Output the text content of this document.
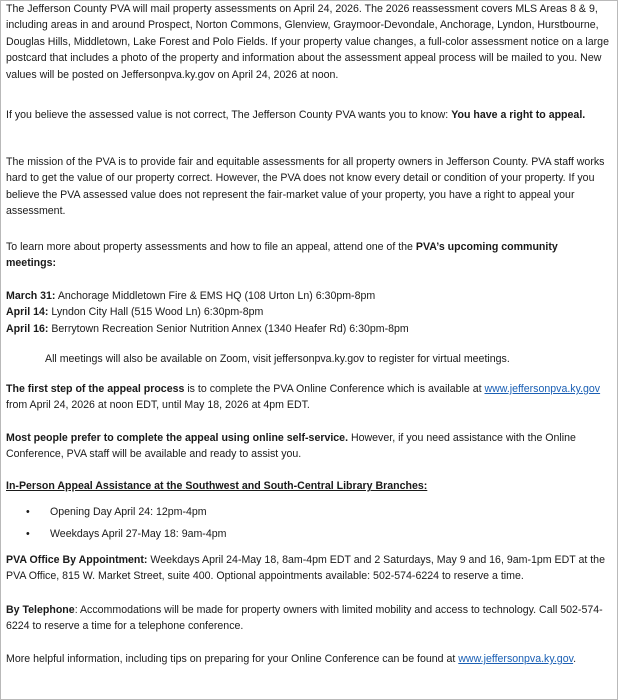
The Jefferson County PVA will mail property assessments on April 24, 2026. The 2026 reassessment covers MLS Areas 8 & 9, including areas in and around Prospect, Norton Commons, Glenview, Graymoor-Devondale, Anchorage, Lyndon, Hurstbourne, Douglas Hills, Middletown, Lake Forest and Polo Fields. If your property value changes, a full-color assessment notice on a large postcard that includes a photo of the property and information about the assessment appeal process will be mailed to you. New values will be posted on Jeffersonpva.ky.gov on April 24, 2026 at noon.

If you believe the assessed value is not correct, The Jefferson County PVA wants you to know: You have a right to appeal.

The mission of the PVA is to provide fair and equitable assessments for all property owners in Jefferson County. PVA staff works hard to get the value of our property correct. However, the PVA does not know every detail or condition of your property. If you believe the PVA assessed value does not represent the fair-market value of your property, you have a right to appeal your assessment.

To learn more about property assessments and how to file an appeal, attend one of the PVA’s upcoming community meetings:

March 31: Anchorage Middletown Fire & EMS HQ (108 Urton Ln) 6:30pm-8pm
April 14: Lyndon City Hall (515 Wood Ln) 6:30pm-8pm
April 16: Berrytown Recreation Senior Nutrition Annex (1340 Heafer Rd) 6:30pm-8pm

All meetings will also be available on Zoom, visit jeffersonpva.ky.gov to register for virtual meetings.

The first step of the appeal process is to complete the PVA Online Conference which is available at www.jeffersonpva.ky.gov from April 24, 2026 at noon EDT, until May 18, 2026 at 4pm EDT.

Most people prefer to complete the appeal using online self-service. However, if you need assistance with the Online Conference, PVA staff will be available and ready to assist you.

In-Person Appeal Assistance at the Southwest and South-Central Library Branches:

• Opening Day April 24: 12pm-4pm
• Weekdays April 27-May 18: 9am-4pm

PVA Office By Appointment: Weekdays April 24-May 18, 8am-4pm EDT and 2 Saturdays, May 9 and 16, 9am-1pm EDT at the PVA Office, 815 W. Market Street, suite 400. Optional appointments available: 502-574-6224 to reserve a time.

By Telephone: Accommodations will be made for property owners with limited mobility and access to technology. Call 502-574-6224 to reserve a time for a telephone conference.

More helpful information, including tips on preparing for your Online Conference can be found at www.jeffersonpva.ky.gov.
